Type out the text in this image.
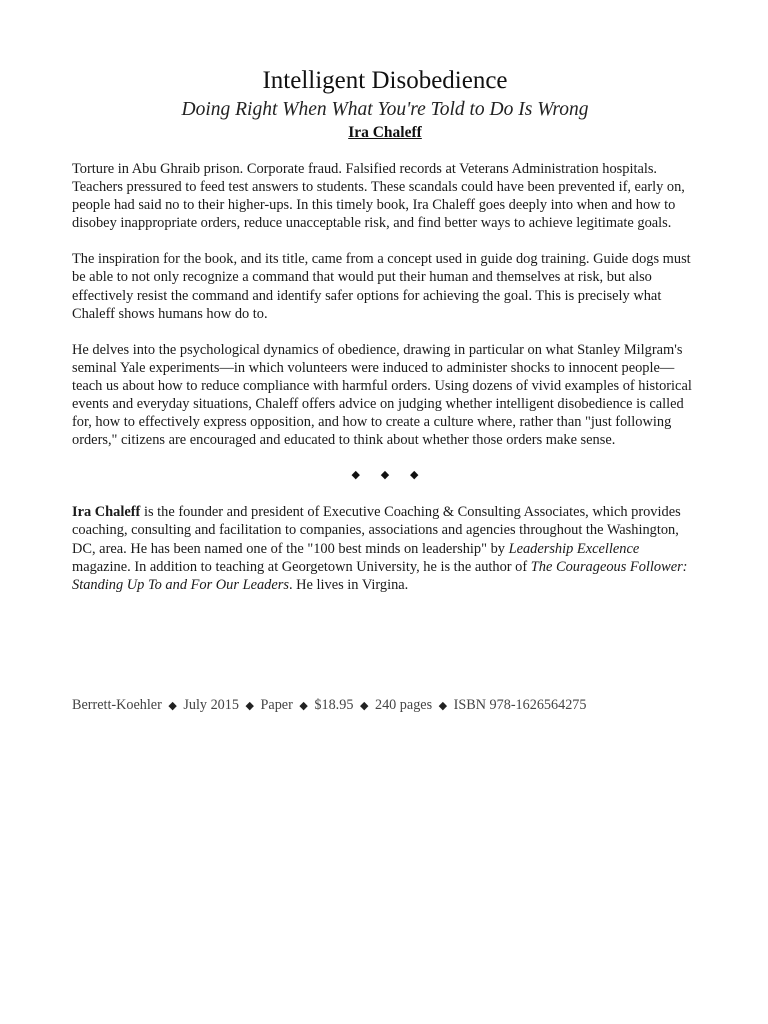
Intelligent Disobedience

Doing Right When What You're Told to Do Is Wrong

Ira Chaleff

Torture in Abu Ghraib prison. Corporate fraud. Falsified records at Veterans Administration hospitals. Teachers pressured to feed test answers to students. These scandals could have been prevented if, early on, people had said no to their higher-ups. In this timely book, Ira Chaleff goes deeply into when and how to disobey inappropriate orders, reduce unacceptable risk, and find better ways to achieve legitimate goals.

The inspiration for the book, and its title, came from a concept used in guide dog training. Guide dogs must be able to not only recognize a command that would put their human and themselves at risk, but also effectively resist the command and identify safer options for achieving the goal. This is precisely what Chaleff shows humans how do to.

He delves into the psychological dynamics of obedience, drawing in particular on what Stanley Milgram's seminal Yale experiments—in which volunteers were induced to administer shocks to innocent people—teach us about how to reduce compliance with harmful orders. Using dozens of vivid examples of historical events and everyday situations, Chaleff offers advice on judging whether intelligent disobedience is called for, how to effectively express opposition, and how to create a culture where, rather than "just following orders," citizens are encouraged and educated to think about whether those orders make sense.

◆ ◆ ◆

Ira Chaleff is the founder and president of Executive Coaching & Consulting Associates, which provides coaching, consulting and facilitation to companies, associations and agencies throughout the Washington, DC, area. He has been named one of the "100 best minds on leadership" by Leadership Excellence magazine. In addition to teaching at Georgetown University, he is the author of The Courageous Follower: Standing Up To and For Our Leaders. He lives in Virgina.

Berrett-Koehler ◆ July 2015 ◆ Paper ◆ $18.95 ◆ 240 pages ◆ ISBN 978-1626564275
